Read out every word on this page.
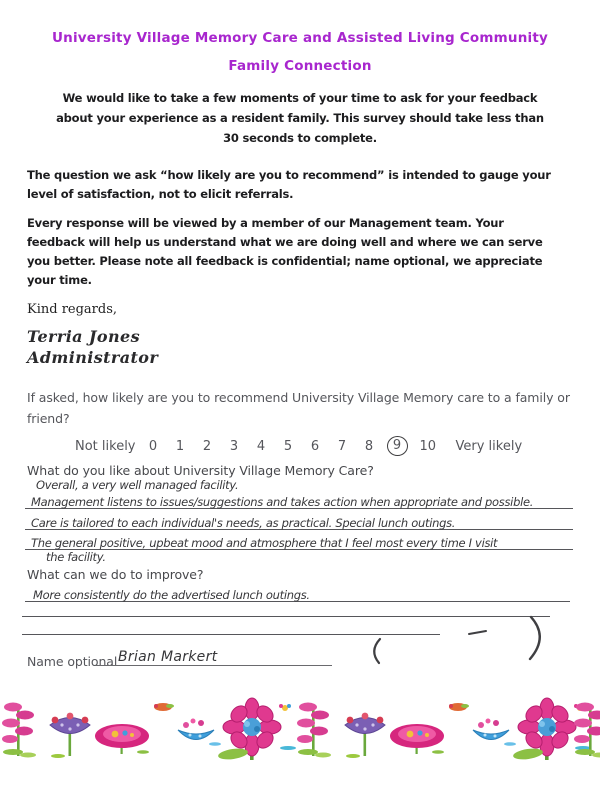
University Village Memory Care and Assisted Living Community
Family Connection
We would like to take a few moments of your time to ask for your feedback
about your experience as a resident family. This survey should take less than
30 seconds to complete.
The question we ask “how likely are you to recommend” is intended to gauge your
level of satisfaction, not to elicit referrals.
Every response will be viewed by a member of our Management team. Your
feedback will help us understand what we are doing well and where we can serve
you better. Please note all feedback is confidential; name optional, we appreciate
your time.
Kind regards,
Terria Jones
Administrator
If asked, how likely are you to recommend University Village Memory care to a family or
friend?
Not likely 0 1 2 3 4 5 6 7 8	9	10 Very likely
What do you like about University Village Memory Care?
Overall, a very well managed facility.
Management listens to issues/suggestions and takes action when appropriate and possible.
Care is tailored to each individual's needs, as practical. Special lunch outings.
The general positive, upbeat mood and atmosphere that I feel most every time I visit
the facility.
What can we do to improve?
More consistently do the advertised lunch outings.
Name optional Brian Markert
